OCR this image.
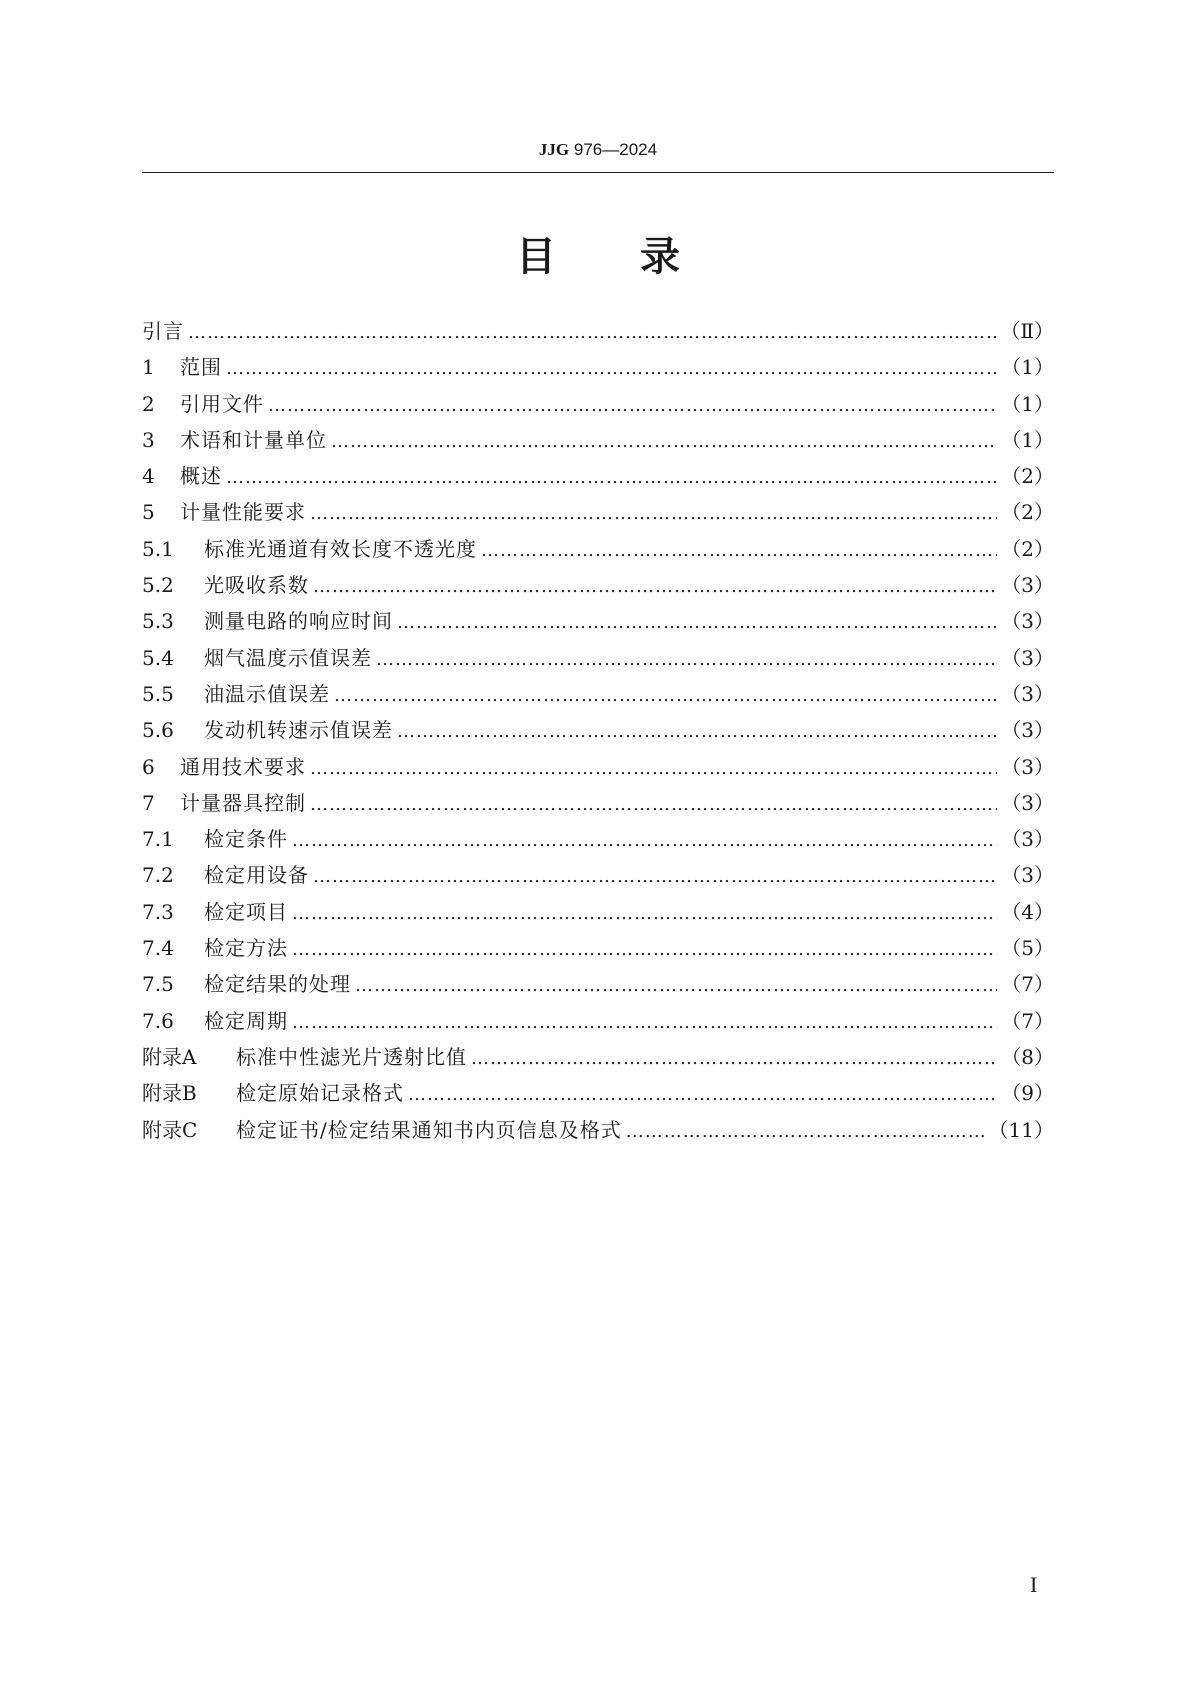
JJG 976—2024
目 录
引言 ……………………………………………………………………………………………………………………………………………………………………………………………………	（Ⅱ）
1	范围 ……………………………………………………………………………………………………………………………………………………………………………………………………	（1）
2	引用文件 ……………………………………………………………………………………………………………………………………………………………………………………………………	（1）
3	术语和计量单位 ……………………………………………………………………………………………………………………………………………………………………………………………………	（1）
4	概述 ……………………………………………………………………………………………………………………………………………………………………………………………………	（2）
5	计量性能要求 ……………………………………………………………………………………………………………………………………………………………………………………………………	（2）
5.1	标准光通道有效长度不透光度 ……………………………………………………………………………………………………………………………………………………………………………………………………	（2）
5.2	光吸收系数 ……………………………………………………………………………………………………………………………………………………………………………………………………	（3）
5.3	测量电路的响应时间 ……………………………………………………………………………………………………………………………………………………………………………………………………	（3）
5.4	烟气温度示值误差 ……………………………………………………………………………………………………………………………………………………………………………………………………	（3）
5.5	油温示值误差 ……………………………………………………………………………………………………………………………………………………………………………………………………	（3）
5.6	发动机转速示值误差 ……………………………………………………………………………………………………………………………………………………………………………………………………	（3）
6	通用技术要求 ……………………………………………………………………………………………………………………………………………………………………………………………………	（3）
7	计量器具控制 ……………………………………………………………………………………………………………………………………………………………………………………………………	（3）
7.1	检定条件 ……………………………………………………………………………………………………………………………………………………………………………………………………	（3）
7.2	检定用设备 ……………………………………………………………………………………………………………………………………………………………………………………………………	（3）
7.3	检定项目 ……………………………………………………………………………………………………………………………………………………………………………………………………	（4）
7.4	检定方法 ……………………………………………………………………………………………………………………………………………………………………………………………………	（5）
7.5	检定结果的处理 ……………………………………………………………………………………………………………………………………………………………………………………………………	（7）
7.6	检定周期 ……………………………………………………………………………………………………………………………………………………………………………………………………	（7）
附录A	标准中性滤光片透射比值 ……………………………………………………………………………………………………………………………………………………………………………………………………	（8）
附录B	检定原始记录格式 ……………………………………………………………………………………………………………………………………………………………………………………………………	（9）
附录C	检定证书/检定结果通知书内页信息及格式 ……………………………………………………………………………………………………………………………………………………………………………………………………	（11）
I
